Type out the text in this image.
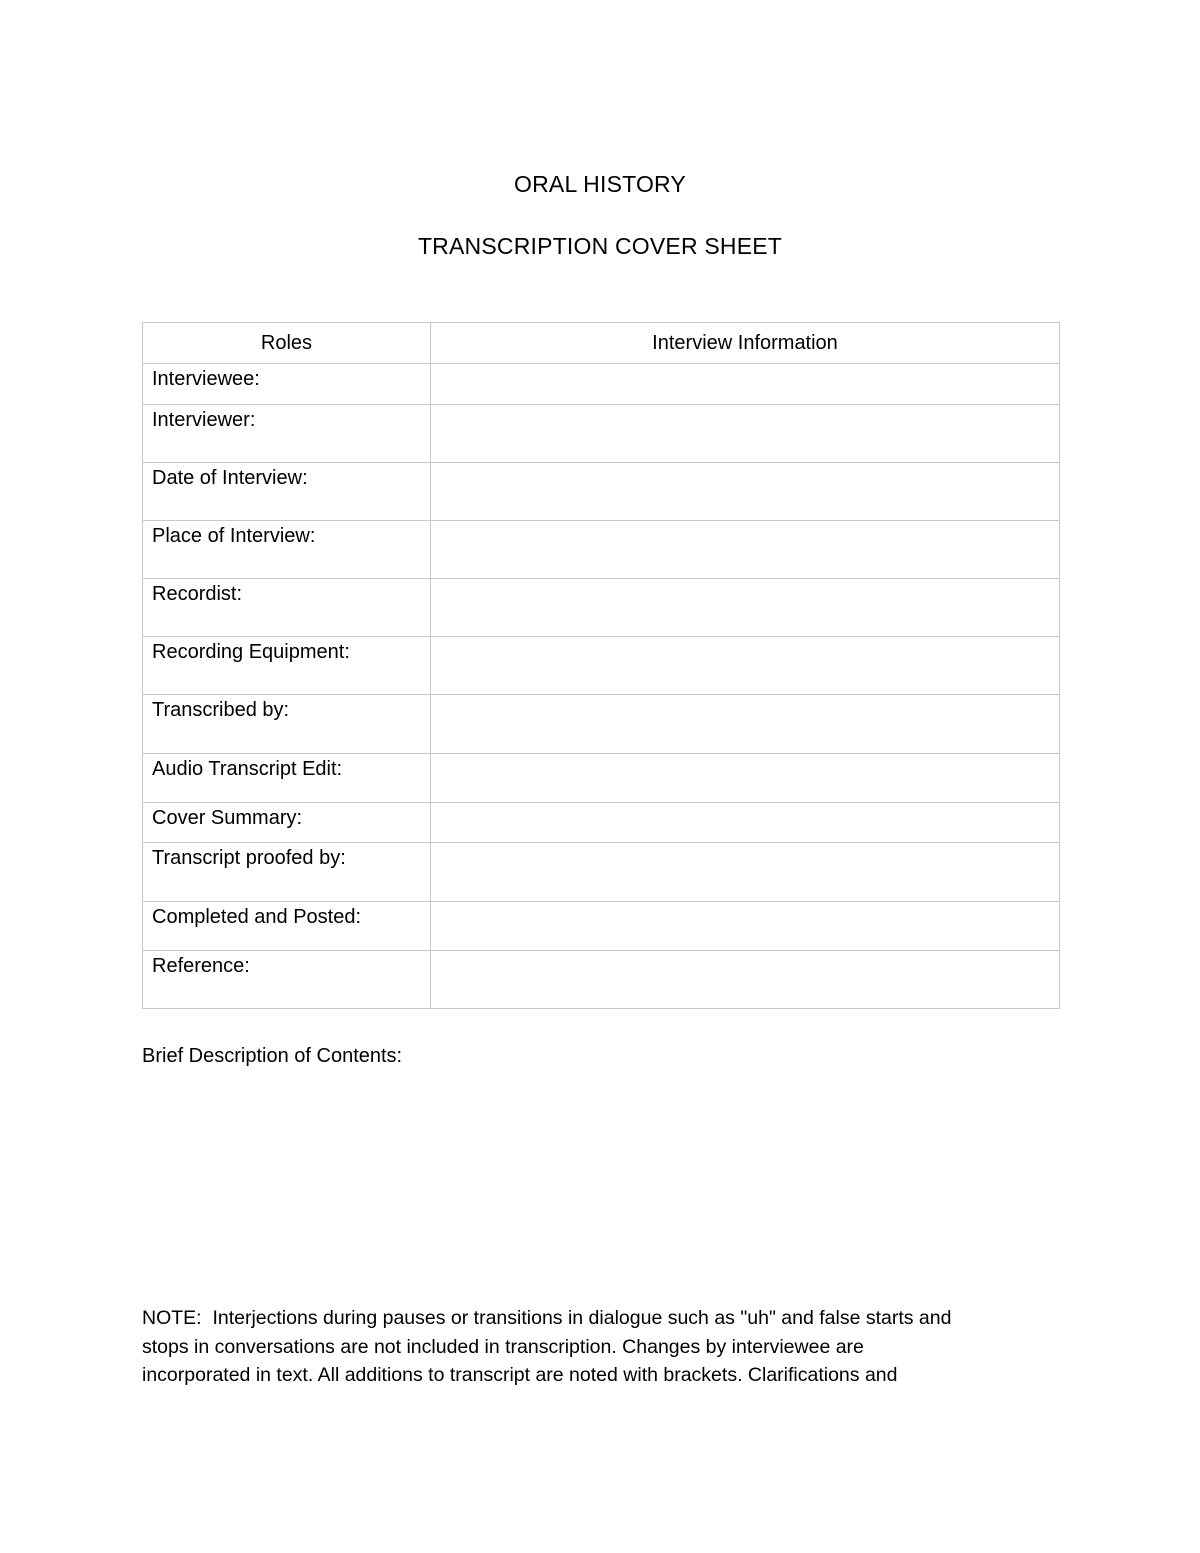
ORAL HISTORY
TRANSCRIPTION COVER SHEET
Roles	Interview Information
Interviewee:	
Interviewer:	
Date of Interview:	
Place of Interview:	
Recordist:	
Recording Equipment:	
Transcribed by:	
Audio Transcript Edit:	
Cover Summary:	
Transcript proofed by:	
Completed and Posted:	
Reference:	
Brief Description of Contents:
NOTE: Interjections during pauses or transitions in dialogue such as "uh" and false starts and
stops in conversations are not included in transcription. Changes by interviewee are
incorporated in text. All additions to transcript are noted with brackets. Clarifications and
